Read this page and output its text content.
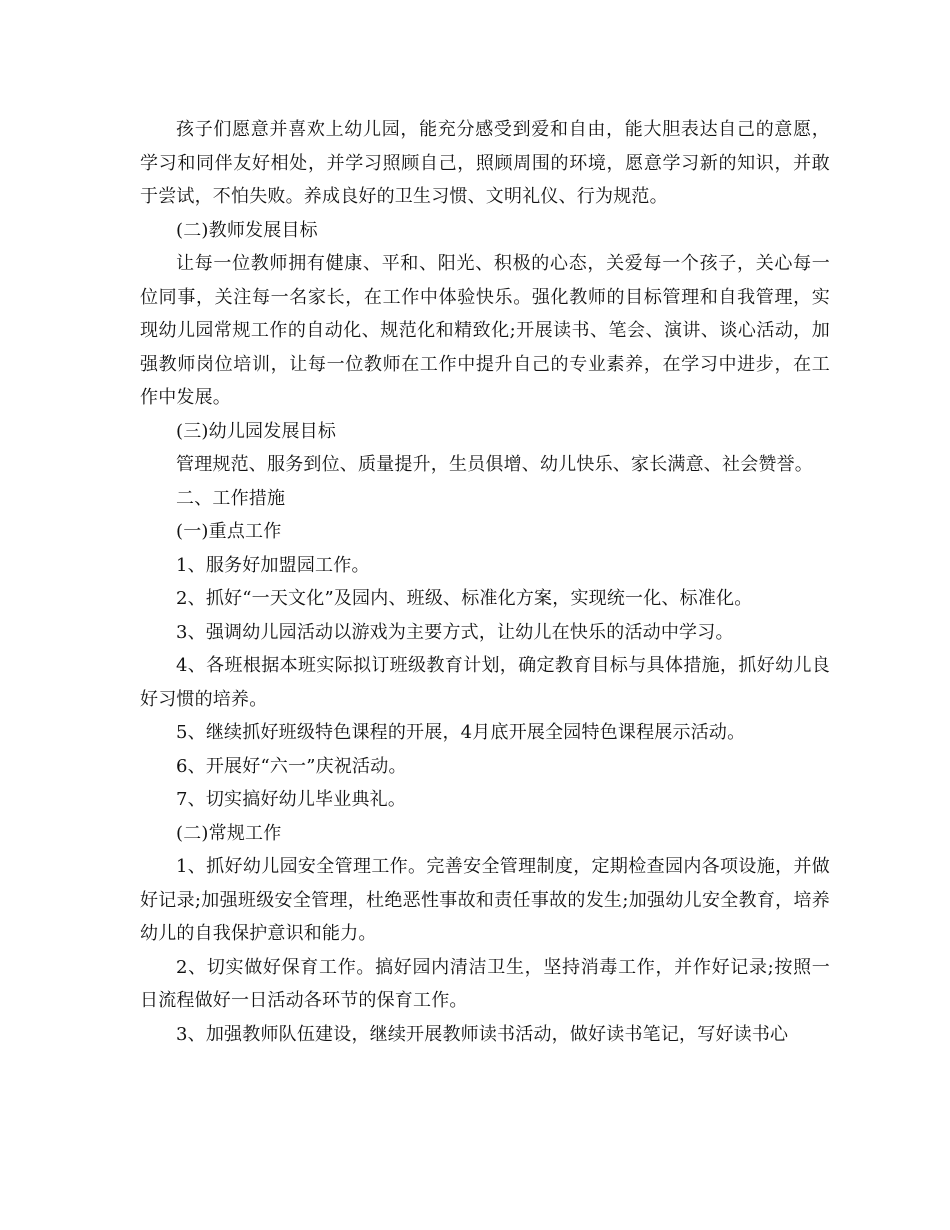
孩子们愿意并喜欢上幼儿园，能充分感受到爱和自由，能大胆表达自己的意愿，学习和同伴友好相处，并学习照顾自己，照顾周围的环境，愿意学习新的知识，并敢于尝试，不怕失败。养成良好的卫生习惯、文明礼仪、行为规范。

(二)教师发展目标

让每一位教师拥有健康、平和、阳光、积极的心态，关爱每一个孩子，关心每一位同事，关注每一名家长，在工作中体验快乐。强化教师的目标管理和自我管理，实现幼儿园常规工作的自动化、规范化和精致化;开展读书、笔会、演讲、谈心活动，加强教师岗位培训，让每一位教师在工作中提升自己的专业素养，在学习中进步，在工作中发展。

(三)幼儿园发展目标

管理规范、服务到位、质量提升，生员俱增、幼儿快乐、家长满意、社会赞誉。

二、工作措施

(一)重点工作

1、服务好加盟园工作。

2、抓好“一天文化”及园内、班级、标准化方案，实现统一化、标准化。

3、强调幼儿园活动以游戏为主要方式，让幼儿在快乐的活动中学习。

4、各班根据本班实际拟订班级教育计划，确定教育目标与具体措施，抓好幼儿良好习惯的培养。

5、继续抓好班级特色课程的开展，4月底开展全园特色课程展示活动。

6、开展好“六一”庆祝活动。

7、切实搞好幼儿毕业典礼。

(二)常规工作

1、抓好幼儿园安全管理工作。完善安全管理制度，定期检查园内各项设施，并做好记录;加强班级安全管理，杜绝恶性事故和责任事故的发生;加强幼儿安全教育，培养幼儿的自我保护意识和能力。

2、切实做好保育工作。搞好园内清洁卫生，坚持消毒工作，并作好记录;按照一日流程做好一日活动各环节的保育工作。

3、加强教师队伍建设，继续开展教师读书活动，做好读书笔记，写好读书心
